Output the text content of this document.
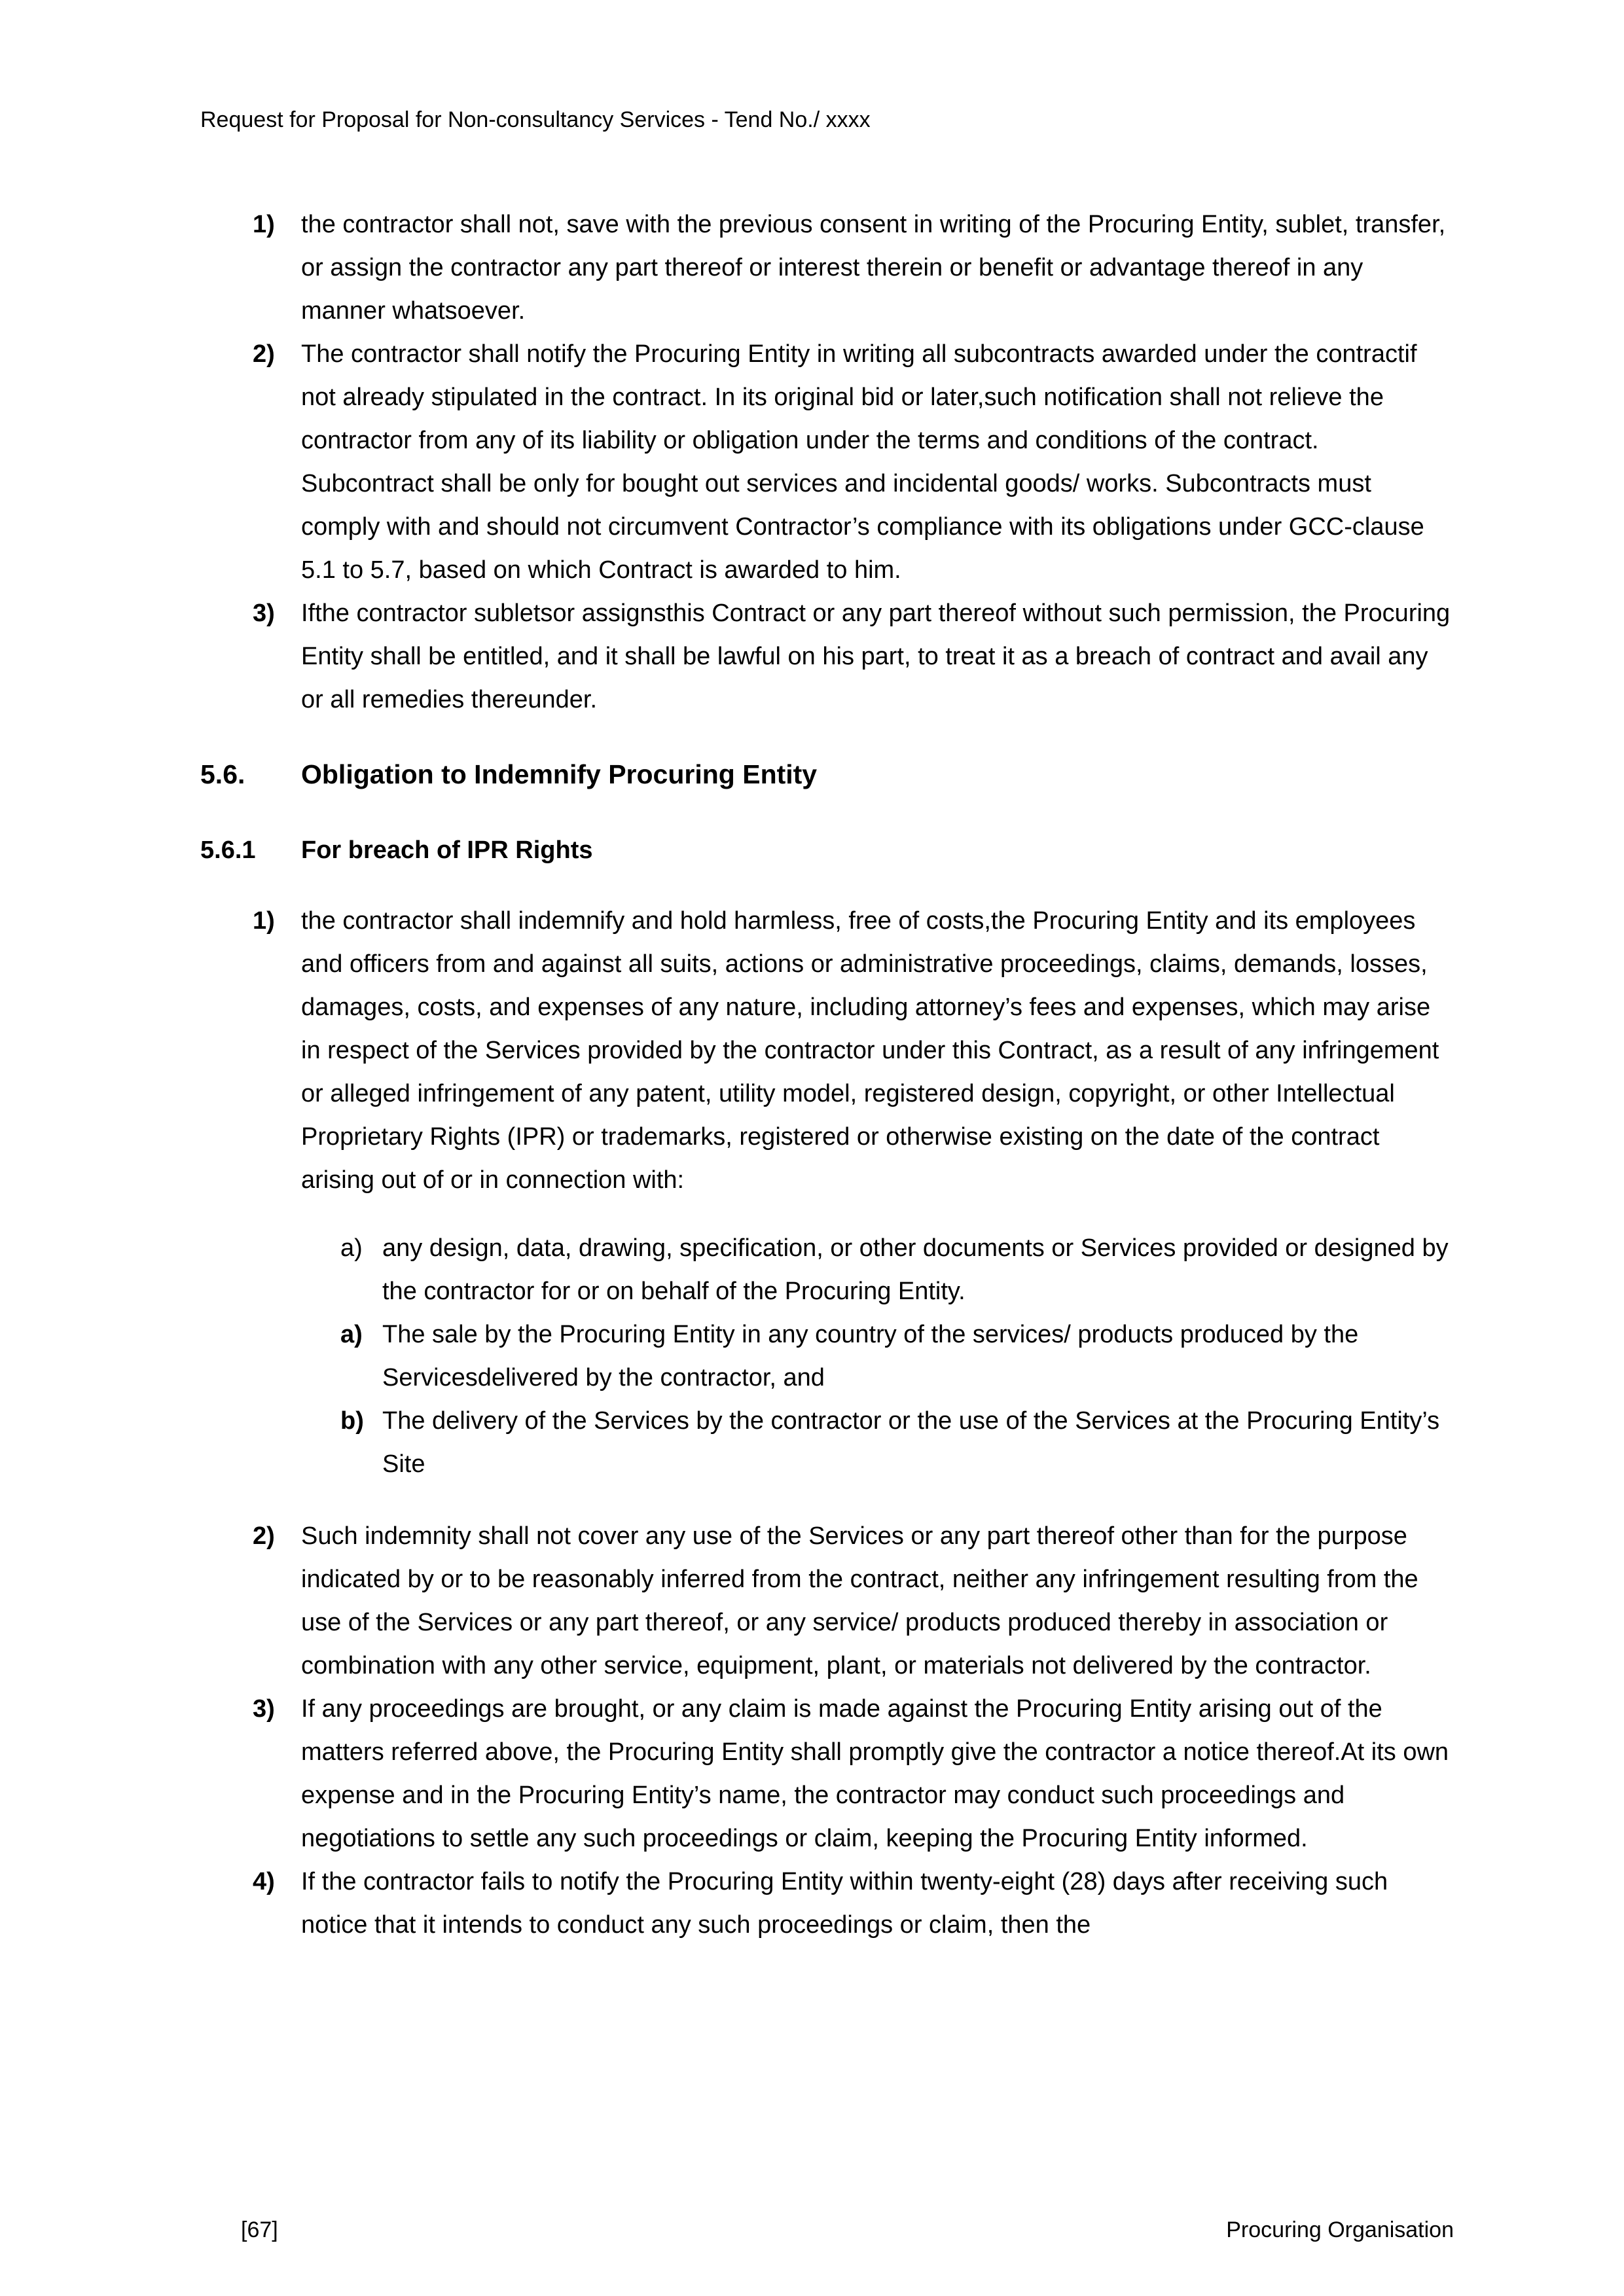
Request for Proposal for Non-consultancy Services - Tend No./ xxxx
1)	the contractor shall not, save with the previous consent in writing of the Procuring Entity, sublet, transfer, or assign the contractor any part thereof or interest therein or benefit or advantage thereof in any manner whatsoever.
2)	The contractor shall notify the Procuring Entity in writing all subcontracts awarded under the contractif not already stipulated in the contract. In its original bid or later,such notification shall not relieve the contractor from any of its liability or obligation under the terms and conditions of the contract. Subcontract shall be only for bought out services and incidental goods/ works. Subcontracts must comply with and should not circumvent Contractor’s compliance with its obligations under GCC-clause 5.1 to 5.7, based on which Contract is awarded to him.
3)	Ifthe contractor subletsor assignsthis Contract or any part thereof without such permission, the Procuring Entity shall be entitled, and it shall be lawful on his part, to treat it as a breach of contract and avail any or all remedies thereunder.
5.6.	Obligation to Indemnify Procuring Entity
5.6.1	For breach of IPR Rights
1)	the contractor shall indemnify and hold harmless, free of costs,the Procuring Entity and its employees and officers from and against all suits, actions or administrative proceedings, claims, demands, losses, damages, costs, and expenses of any nature, including attorney’s fees and expenses, which may arise in respect of the Services provided by the contractor under this Contract, as a result of any infringement or alleged infringement of any patent, utility model, registered design, copyright, or other Intellectual Proprietary Rights (IPR) or trademarks, registered or otherwise existing on the date of the contract arising out of or in connection with:
a) any design, data, drawing, specification, or other documents or Services provided or designed by the contractor for or on behalf of the Procuring Entity.
a) The sale by the Procuring Entity in any country of the services/ products produced by the Servicesdelivered by the contractor, and
b) The delivery of the Services by the contractor or the use of the Services at the Procuring Entity’s Site
2)	Such indemnity shall not cover any use of the Services or any part thereof other than for the purpose indicated by or to be reasonably inferred from the contract, neither any infringement resulting from the use of the Services or any part thereof, or any service/ products produced thereby in association or combination with any other service, equipment, plant, or materials not delivered by the contractor.
3)	If any proceedings are brought, or any claim is made against the Procuring Entity arising out of the matters referred above, the Procuring Entity shall promptly give the contractor a notice thereof.At its own expense and in the Procuring Entity’s name, the contractor may conduct such proceedings and negotiations to settle any such proceedings or claim, keeping the Procuring Entity informed.
4)	If the contractor fails to notify the Procuring Entity within twenty-eight (28) days after receiving such notice that it intends to conduct any such proceedings or claim, then the
[67]	Procuring Organisation
